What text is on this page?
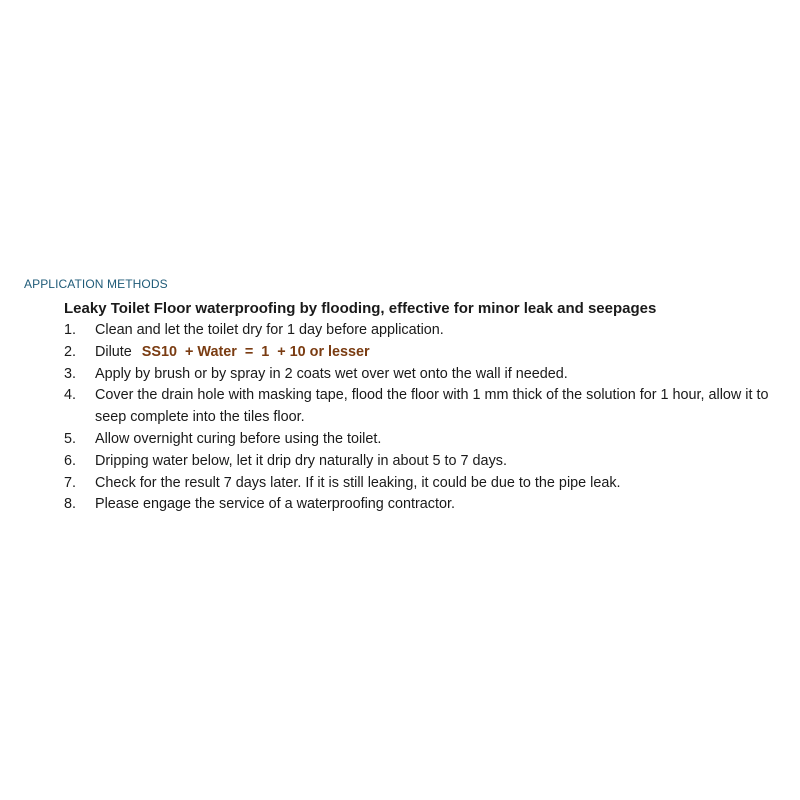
APPLICATION METHODS
Leaky Toilet Floor waterproofing by flooding, effective for minor leak and seepages
1. Clean and let the toilet dry for 1 day before application.
2. Dilute SS10  + Water  =  1  + 10 or lesser
3. Apply by brush or by spray in 2 coats wet over wet onto the wall if needed.
4. Cover the drain hole with masking tape, flood the floor with 1 mm thick of the solution for 1 hour, allow it to seep complete into the tiles floor.
5. Allow overnight curing before using the toilet.
6. Dripping water below, let it drip dry naturally in about 5 to 7 days.
7. Check for the result 7 days later. If it is still leaking, it could be due to the pipe leak.
8. Please engage the service of a waterproofing contractor.
